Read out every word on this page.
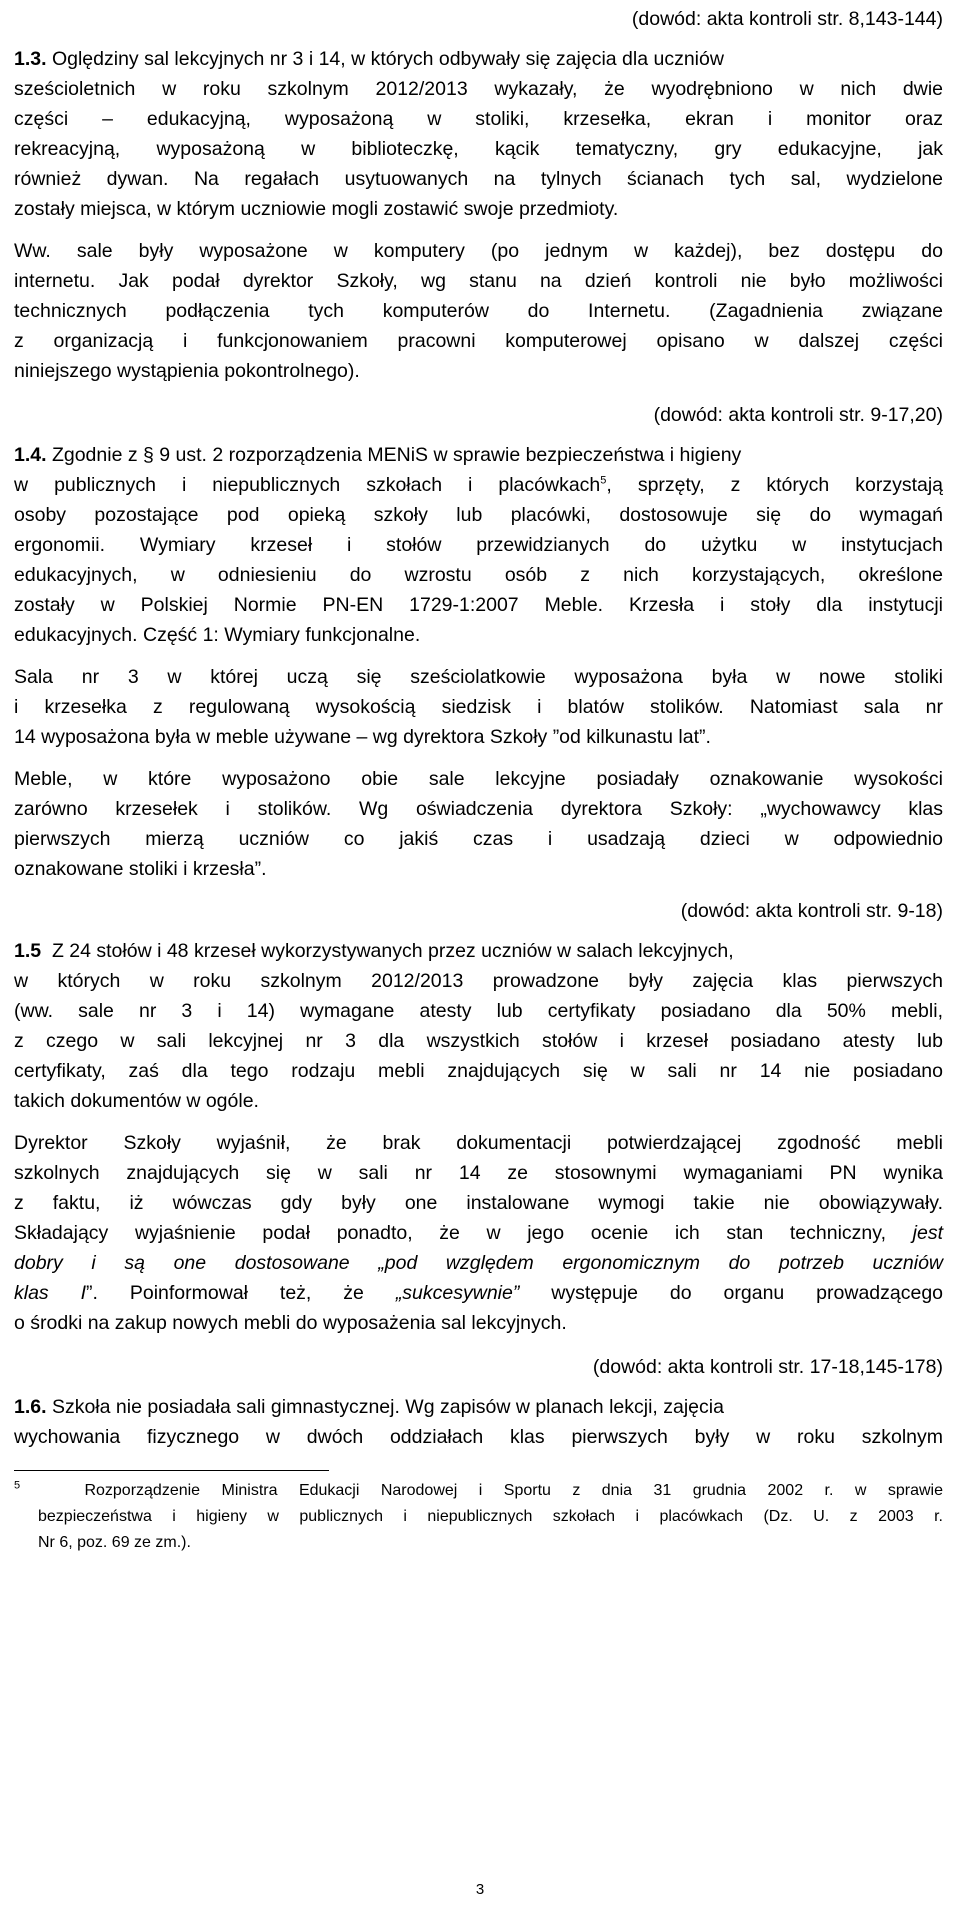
(dowód: akta kontroli str. 8,143-144)
1.3. Oględziny sal lekcyjnych nr 3 i 14, w których odbywały się zajęcia dla uczniów
sześcioletnich w roku szkolnym 2012/2013 wykazały, że wyodrębniono w nich dwie
części – edukacyjną, wyposażoną w stoliki, krzesełka, ekran i monitor oraz
rekreacyjną, wyposażoną w biblioteczkę, kącik tematyczny, gry edukacyjne, jak
również dywan. Na regałach usytuowanych na tylnych ścianach tych sal, wydzielone
zostały miejsca, w którym uczniowie mogli zostawić swoje przedmioty.
Ww. sale były wyposażone w komputery (po jednym w każdej), bez dostępu do
internetu. Jak podał dyrektor Szkoły, wg stanu na dzień kontroli nie było możliwości
technicznych podłączenia tych komputerów do Internetu. (Zagadnienia związane
z organizacją i funkcjonowaniem pracowni komputerowej opisano w dalszej części
niniejszego wystąpienia pokontrolnego).
(dowód: akta kontroli str. 9-17,20)
1.4. Zgodnie z § 9 ust. 2 rozporządzenia MENiS w sprawie bezpieczeństwa i higieny
w publicznych i niepublicznych szkołach i placówkach$^5$, sprzęty, z których korzystają
osoby pozostające pod opieką szkoły lub placówki, dostosowuje się do wymagań
ergonomii. Wymiary krzeseł i stołów przewidzianych do użytku w instytucjach
edukacyjnych, w odniesieniu do wzrostu osób z nich korzystających, określone
zostały w Polskiej Normie PN-EN 1729-1:2007 Meble. Krzesła i stoły dla instytucji
edukacyjnych. Część 1: Wymiary funkcjonalne.
Sala nr 3 w której uczą się sześciolatkowie wyposażona była w nowe stoliki
i krzesełka z regulowaną wysokością siedzisk i blatów stolików. Natomiast sala nr
14 wyposażona była w meble używane – wg dyrektora Szkoły ”od kilkunastu lat”.
Meble, w które wyposażono obie sale lekcyjne posiadały oznakowanie wysokości
zarówno krzesełek i stolików. Wg oświadczenia dyrektora Szkoły: „wychowawcy klas
pierwszych mierzą uczniów co jakiś czas i usadzają dzieci w odpowiednio
oznakowane stoliki i krzesła”.
(dowód: akta kontroli str. 9-18)
1.5 Z 24 stołów i 48 krzeseł wykorzystywanych przez uczniów w salach lekcyjnych,
w których w roku szkolnym 2012/2013 prowadzone były zajęcia klas pierwszych
(ww. sale nr 3 i 14) wymagane atesty lub certyfikaty posiadano dla 50% mebli,
z czego w sali lekcyjnej nr 3 dla wszystkich stołów i krzeseł posiadano atesty lub
certyfikaty, zaś dla tego rodzaju mebli znajdujących się w sali nr 14 nie posiadano
takich dokumentów w ogóle.
Dyrektor Szkoły wyjaśnił, że brak dokumentacji potwierdzającej zgodność mebli
szkolnych znajdujących się w sali nr 14 ze stosownymi wymaganiami PN wynika
z faktu, iż wówczas gdy były one instalowane wymogi takie nie obowiązywały.
Składający wyjaśnienie podał ponadto, że w jego ocenie ich stan techniczny, jest
dobry i są one dostosowane „pod względem ergonomicznym do potrzeb uczniów
klas I”. Poinformował też, że „sukcesywnie” występuje do organu prowadzącego
o środki na zakup nowych mebli do wyposażenia sal lekcyjnych.
(dowód: akta kontroli str. 17-18,145-178)
1.6. Szkoła nie posiadała sali gimnastycznej. Wg zapisów w planach lekcji, zajęcia
wychowania fizycznego w dwóch oddziałach klas pierwszych były w roku szkolnym
$^5$	Rozporządzenie Ministra Edukacji Narodowej i Sportu z dnia 31 grudnia 2002 r. w sprawie
bezpieczeństwa i higieny w publicznych i niepublicznych szkołach i placówkach (Dz. U. z 2003 r.
Nr 6, poz. 69 ze zm.).
3
